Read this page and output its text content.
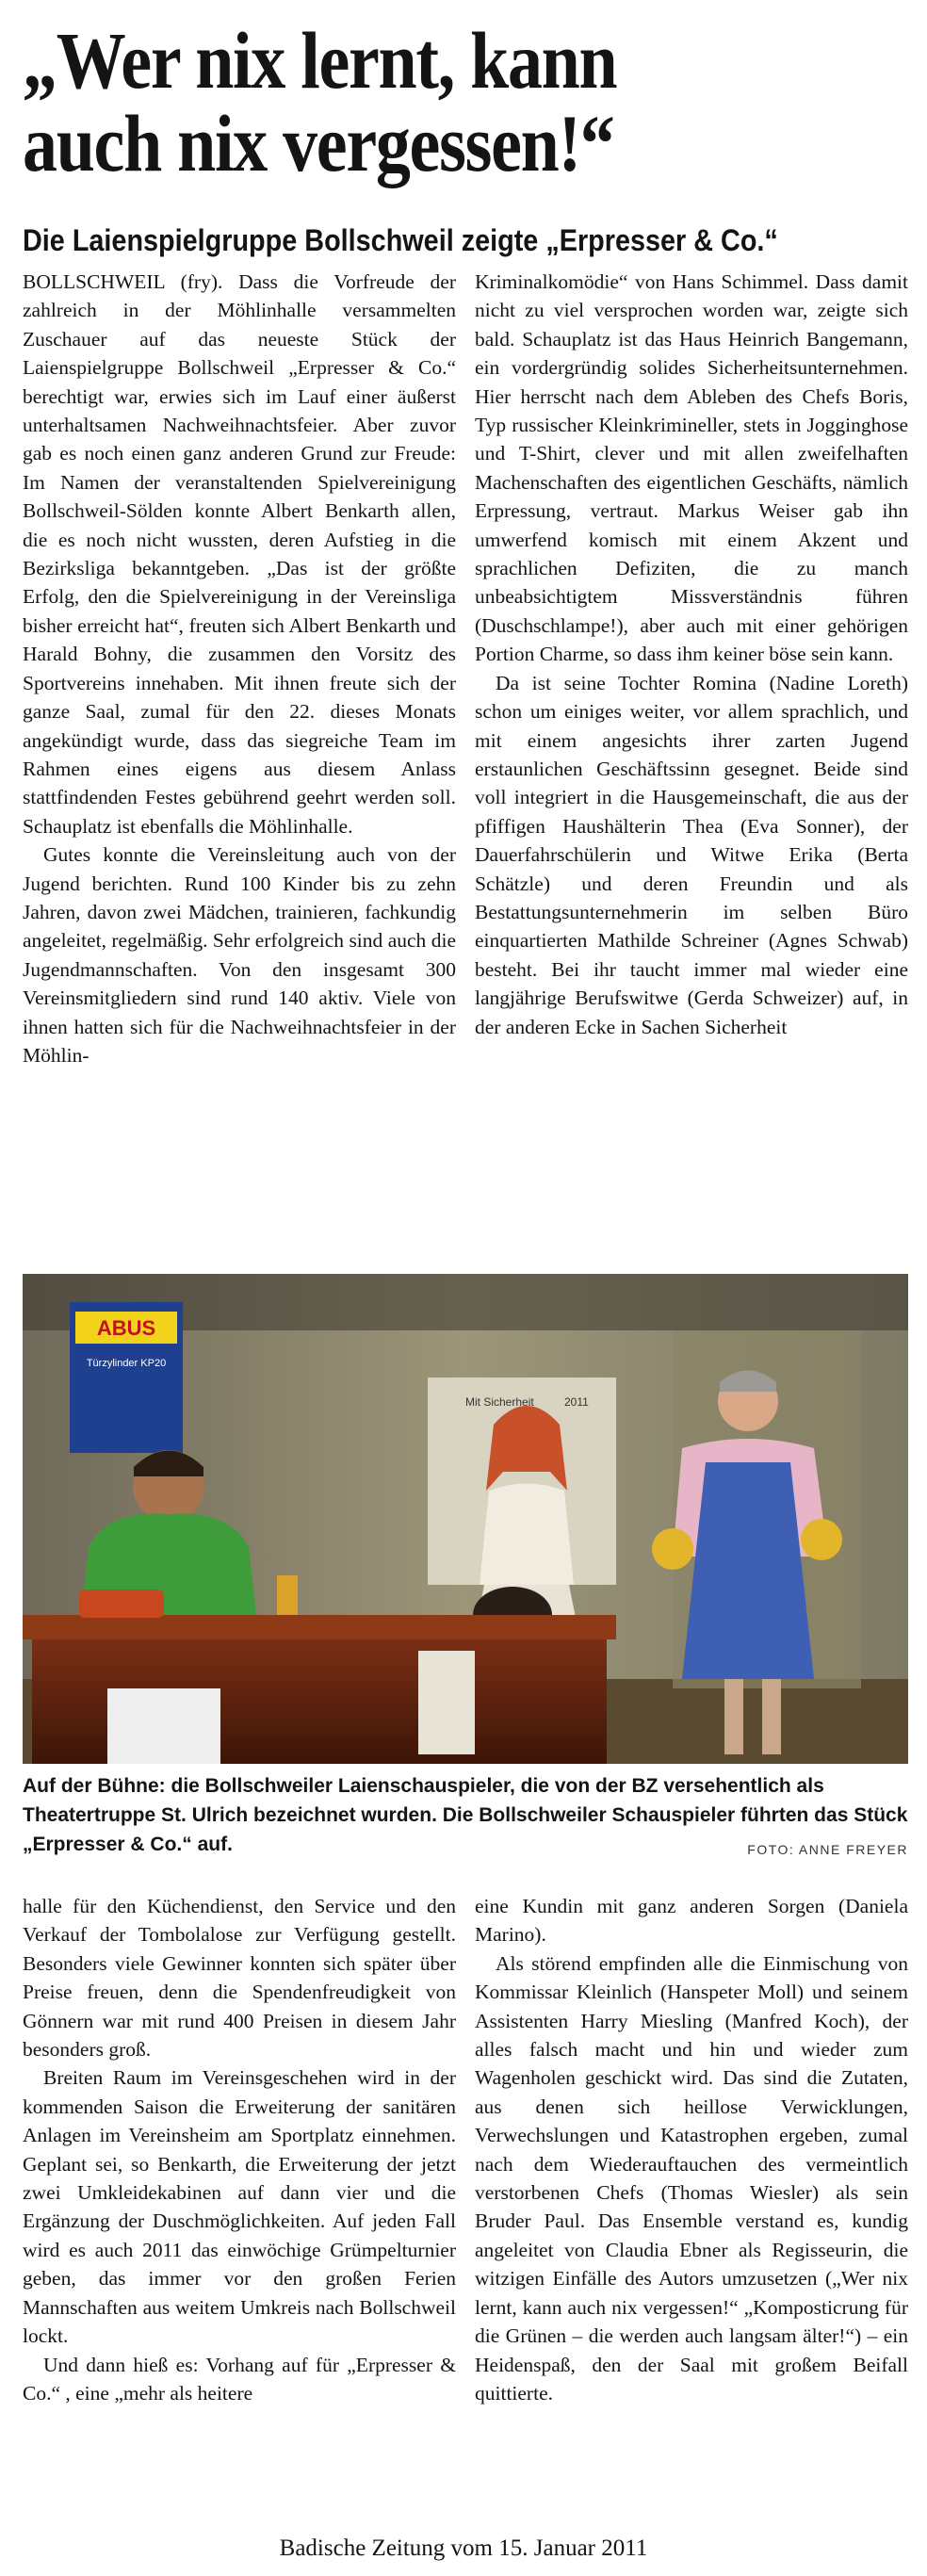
„Wer nix lernt, kann
auch nix vergessen!“
Die Laienspielgruppe Bollschweil zeigte „Erpresser & Co.“

BOLLSCHWEIL (fry). Dass die Vorfreude der zahlreich in der Möhlinhalle versammelten Zuschauer auf das neueste Stück der Laienspielgruppe Bollschweil „Erpresser & Co.“ berechtigt war, erwies sich im Lauf einer äußerst unterhaltsamen Nachweihnachtsfeier. Aber zuvor gab es noch einen ganz anderen Grund zur Freude: Im Namen der veranstaltenden Spielvereinigung Bollschweil-Sölden konnte Albert Benkarth allen, die es noch nicht wussten, deren Aufstieg in die Bezirksliga bekanntgeben. „Das ist der größte Erfolg, den die Spielvereinigung in der Vereinsliga bisher erreicht hat“, freuten sich Albert Benkarth und Harald Bohny, die zusammen den Vorsitz des Sportvereins innehaben. Mit ihnen freute sich der ganze Saal, zumal für den 22. dieses Monats angekündigt wurde, dass das siegreiche Team im Rahmen eines eigens aus diesem Anlass stattfindenden Festes gebührend geehrt werden soll. Schauplatz ist ebenfalls die Möhlinhalle.

Gutes konnte die Vereinsleitung auch von der Jugend berichten. Rund 100 Kinder bis zu zehn Jahren, davon zwei Mädchen, trainieren, fachkundig angeleitet, regelmäßig. Sehr erfolgreich sind auch die Jugendmannschaften. Von den insgesamt 300 Vereinsmitgliedern sind rund 140 aktiv. Viele von ihnen hatten sich für die Nachweihnachtsfeier in der Möhlin-

Kriminalkomödie“ von Hans Schimmel. Dass damit nicht zu viel versprochen worden war, zeigte sich bald. Schauplatz ist das Haus Heinrich Bangemann, ein vordergründig solides Sicherheitsunternehmen. Hier herrscht nach dem Ableben des Chefs Boris, Typ russischer Kleinkrimineller, stets in Jogginghose und T-Shirt, clever und mit allen zweifelhaften Machenschaften des eigentlichen Geschäfts, nämlich Erpressung, vertraut. Markus Weiser gab ihn umwerfend komisch mit einem Akzent und sprachlichen Defiziten, die zu manch unbeabsichtigtem Missverständnis führen (Duschschlampe!), aber auch mit einer gehörigen Portion Charme, so dass ihm keiner böse sein kann.

Da ist seine Tochter Romina (Nadine Loreth) schon um einiges weiter, vor allem sprachlich, und mit einem angesichts ihrer zarten Jugend erstaunlichen Geschäftssinn gesegnet. Beide sind voll integriert in die Hausgemeinschaft, die aus der pfiffigen Haushälterin Thea (Eva Sonner), der Dauerfahrschülerin und Witwe Erika (Berta Schätzle) und deren Freundin und als Bestattungsunternehmerin im selben Büro einquartierten Mathilde Schreiner (Agnes Schwab) besteht. Bei ihr taucht immer mal wieder eine langjährige Berufswitwe (Gerda Schweizer) auf, in der anderen Ecke in Sachen Sicherheit

ABUS
Türzylinder KP20
Mit Sicherheit	2011
Auf der Bühne: die Bollschweiler Laienschauspieler, die von der BZ versehentlich als Theatertruppe St. Ulrich bezeichnet wurden. Die Bollschweiler Schauspieler führten das Stück „Erpresser & Co.“ auf.	FOTO: ANNE FREYER

halle für den Küchendienst, den Service und den Verkauf der Tombolalose zur Verfügung gestellt. Besonders viele Gewinner konnten sich später über Preise freuen, denn die Spendenfreudigkeit von Gönnern war mit rund 400 Preisen in diesem Jahr besonders groß.

Breiten Raum im Vereinsgeschehen wird in der kommenden Saison die Erweiterung der sanitären Anlagen im Vereinsheim am Sportplatz einnehmen. Geplant sei, so Benkarth, die Erweiterung der jetzt zwei Umkleidekabinen auf dann vier und die Ergänzung der Duschmöglichkeiten. Auf jeden Fall wird es auch 2011 das einwöchige Grümpelturnier geben, das immer vor den großen Ferien Mannschaften aus weitem Umkreis nach Bollschweil lockt.

Und dann hieß es: Vorhang auf für „Erpresser & Co.“ , eine „mehr als heitere

eine Kundin mit ganz anderen Sorgen (Daniela Marino).

Als störend empfinden alle die Einmischung von Kommissar Kleinlich (Hanspeter Moll) und seinem Assistenten Harry Miesling (Manfred Koch), der alles falsch macht und hin und wieder zum Wagenholen geschickt wird. Das sind die Zutaten, aus denen sich heillose Verwicklungen, Verwechslungen und Katastrophen ergeben, zumal nach dem Wiederauftauchen des vermeintlich verstorbenen Chefs (Thomas Wiesler) als sein Bruder Paul. Das Ensemble verstand es, kundig angeleitet von Claudia Ebner als Regisseurin, die witzigen Einfälle des Autors umzusetzen („Wer nix lernt, kann auch nix vergessen!“ „Komposticrung für die Grünen – die werden auch langsam älter!“) – ein Heidenspaß, den der Saal mit großem Beifall quittierte.

Badische Zeitung vom 15. Januar 2011
